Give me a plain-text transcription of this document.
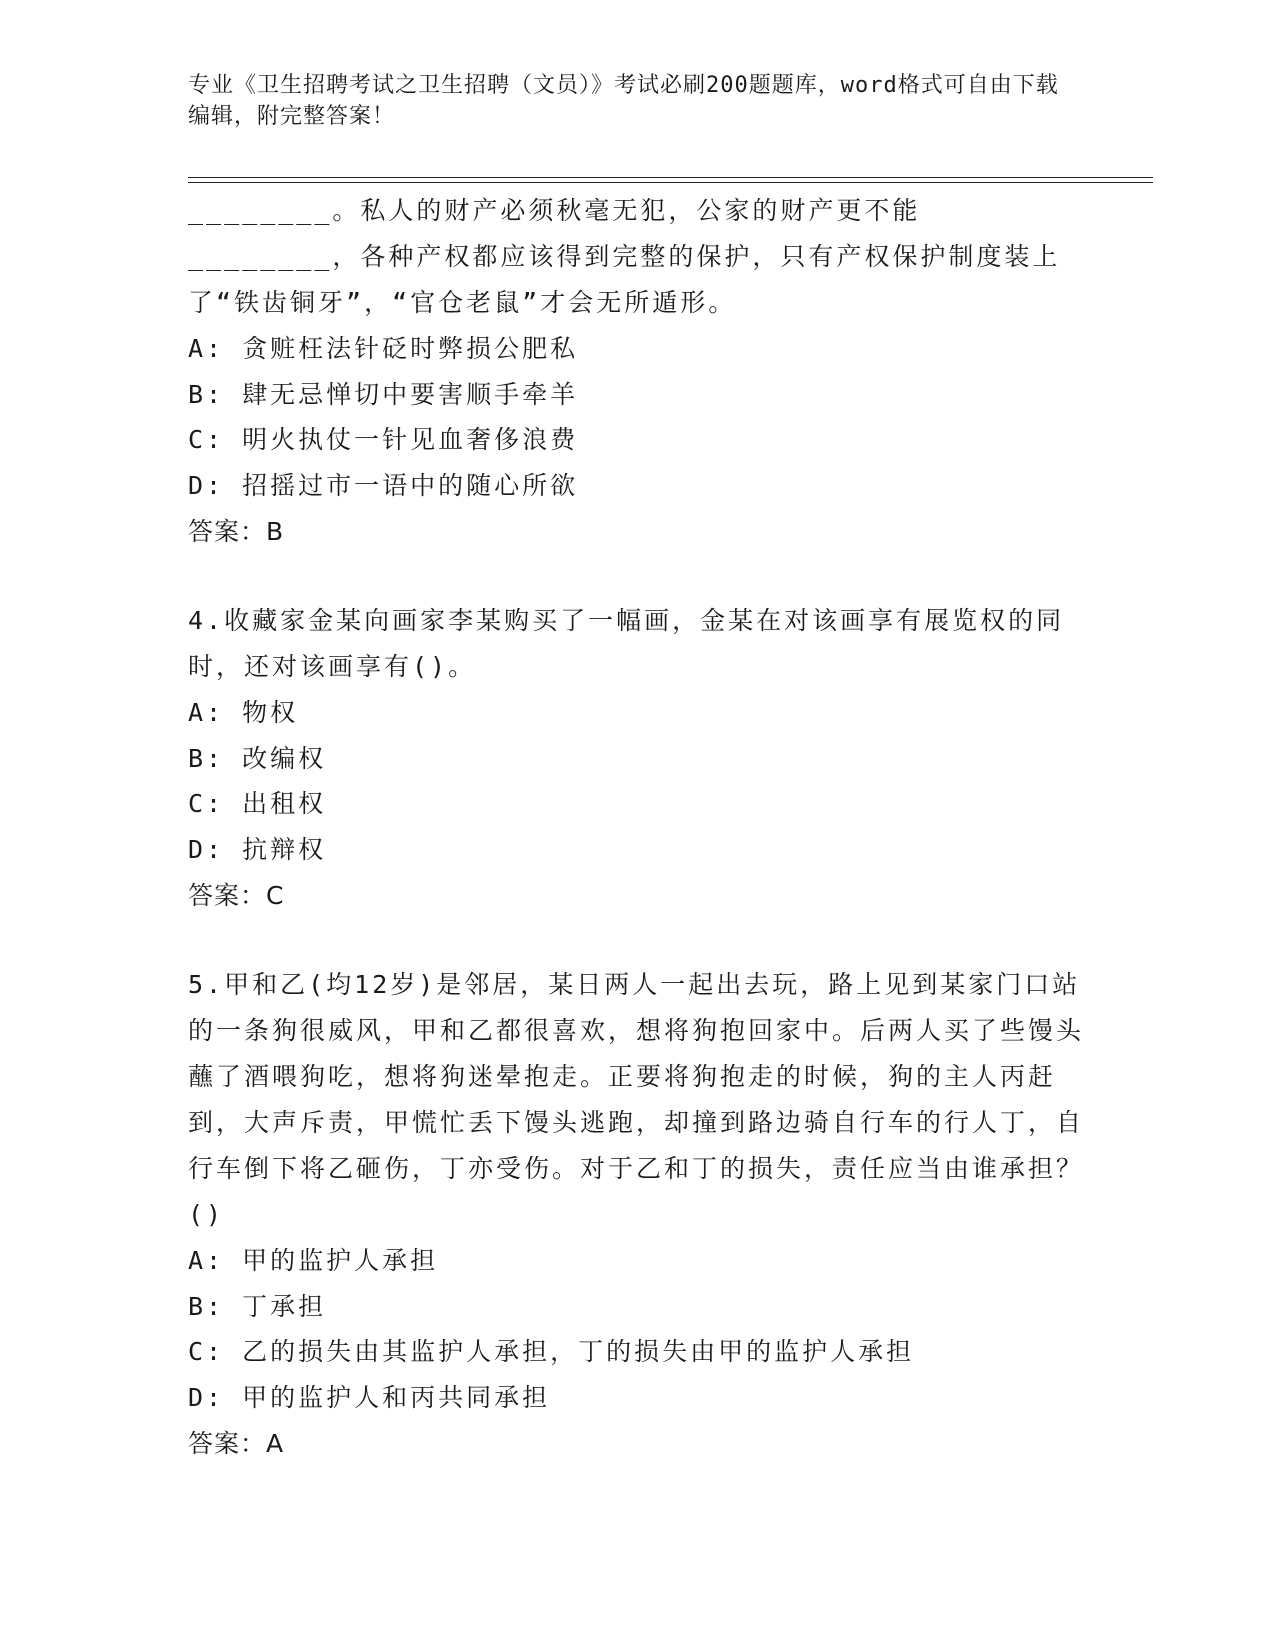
专业《卫生招聘考试之卫生招聘（文员）》考试必刷200题题库，word格式可自由下载编辑，附完整答案！
________。私人的财产必须秋毫无犯，公家的财产更不能________，各种产权都应该得到完整的保护，只有产权保护制度装上了“铁齿铜牙”，“官仓老鼠”才会无所遁形。
A: 贪赃枉法针砭时弊损公肥私
B: 肆无忌惮切中要害顺手牵羊
C: 明火执仗一针见血奢侈浪费
D: 招摇过市一语中的随心所欲
答案：B
4.收藏家金某向画家李某购买了一幅画，金某在对该画享有展览权的同时，还对该画享有()。
A: 物权
B: 改编权
C: 出租权
D: 抗辩权
答案：C
5.甲和乙(均12岁)是邻居，某日两人一起出去玩，路上见到某家门口站的一条狗很威风，甲和乙都很喜欢，想将狗抱回家中。后两人买了些馒头蘸了酒喂狗吃，想将狗迷晕抱走。正要将狗抱走的时候，狗的主人丙赶到，大声斥责，甲慌忙丢下馒头逃跑，却撞到路边骑自行车的行人丁，自行车倒下将乙砸伤，丁亦受伤。对于乙和丁的损失，责任应当由谁承担？()
A: 甲的监护人承担
B: 丁承担
C: 乙的损失由其监护人承担，丁的损失由甲的监护人承担
D: 甲的监护人和丙共同承担
答案：A
